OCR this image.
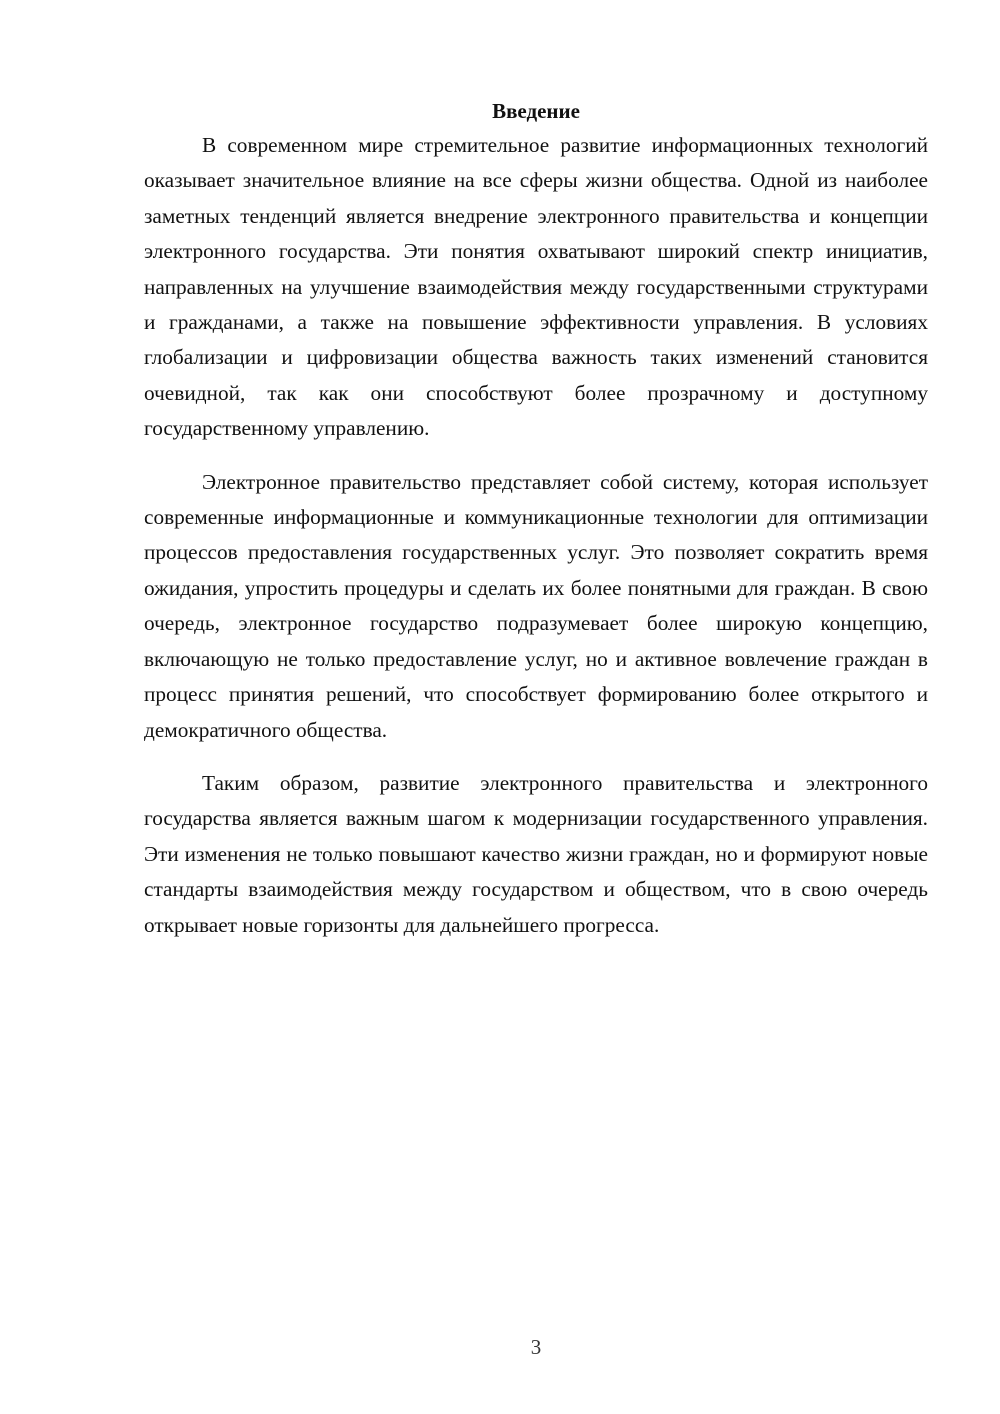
Введение

В современном мире стремительное развитие информационных технологий оказывает значительное влияние на все сферы жизни общества. Одной из наиболее заметных тенденций является внедрение электронного правительства и концепции электронного государства. Эти понятия охватывают широкий спектр инициатив, направленных на улучшение взаимодействия между государственными структурами и гражданами, а также на повышение эффективности управления. В условиях глобализации и цифровизации общества важность таких изменений становится очевидной, так как они способствуют более прозрачному и доступному государственному управлению.

Электронное правительство представляет собой систему, которая использует современные информационные и коммуникационные технологии для оптимизации процессов предоставления государственных услуг. Это позволяет сократить время ожидания, упростить процедуры и сделать их более понятными для граждан. В свою очередь, электронное государство подразумевает более широкую концепцию, включающую не только предоставление услуг, но и активное вовлечение граждан в процесс принятия решений, что способствует формированию более открытого и демократичного общества.

Таким образом, развитие электронного правительства и электронного государства является важным шагом к модернизации государственного управления. Эти изменения не только повышают качество жизни граждан, но и формируют новые стандарты взаимодействия между государством и обществом, что в свою очередь открывает новые горизонты для дальнейшего прогресса.

3
